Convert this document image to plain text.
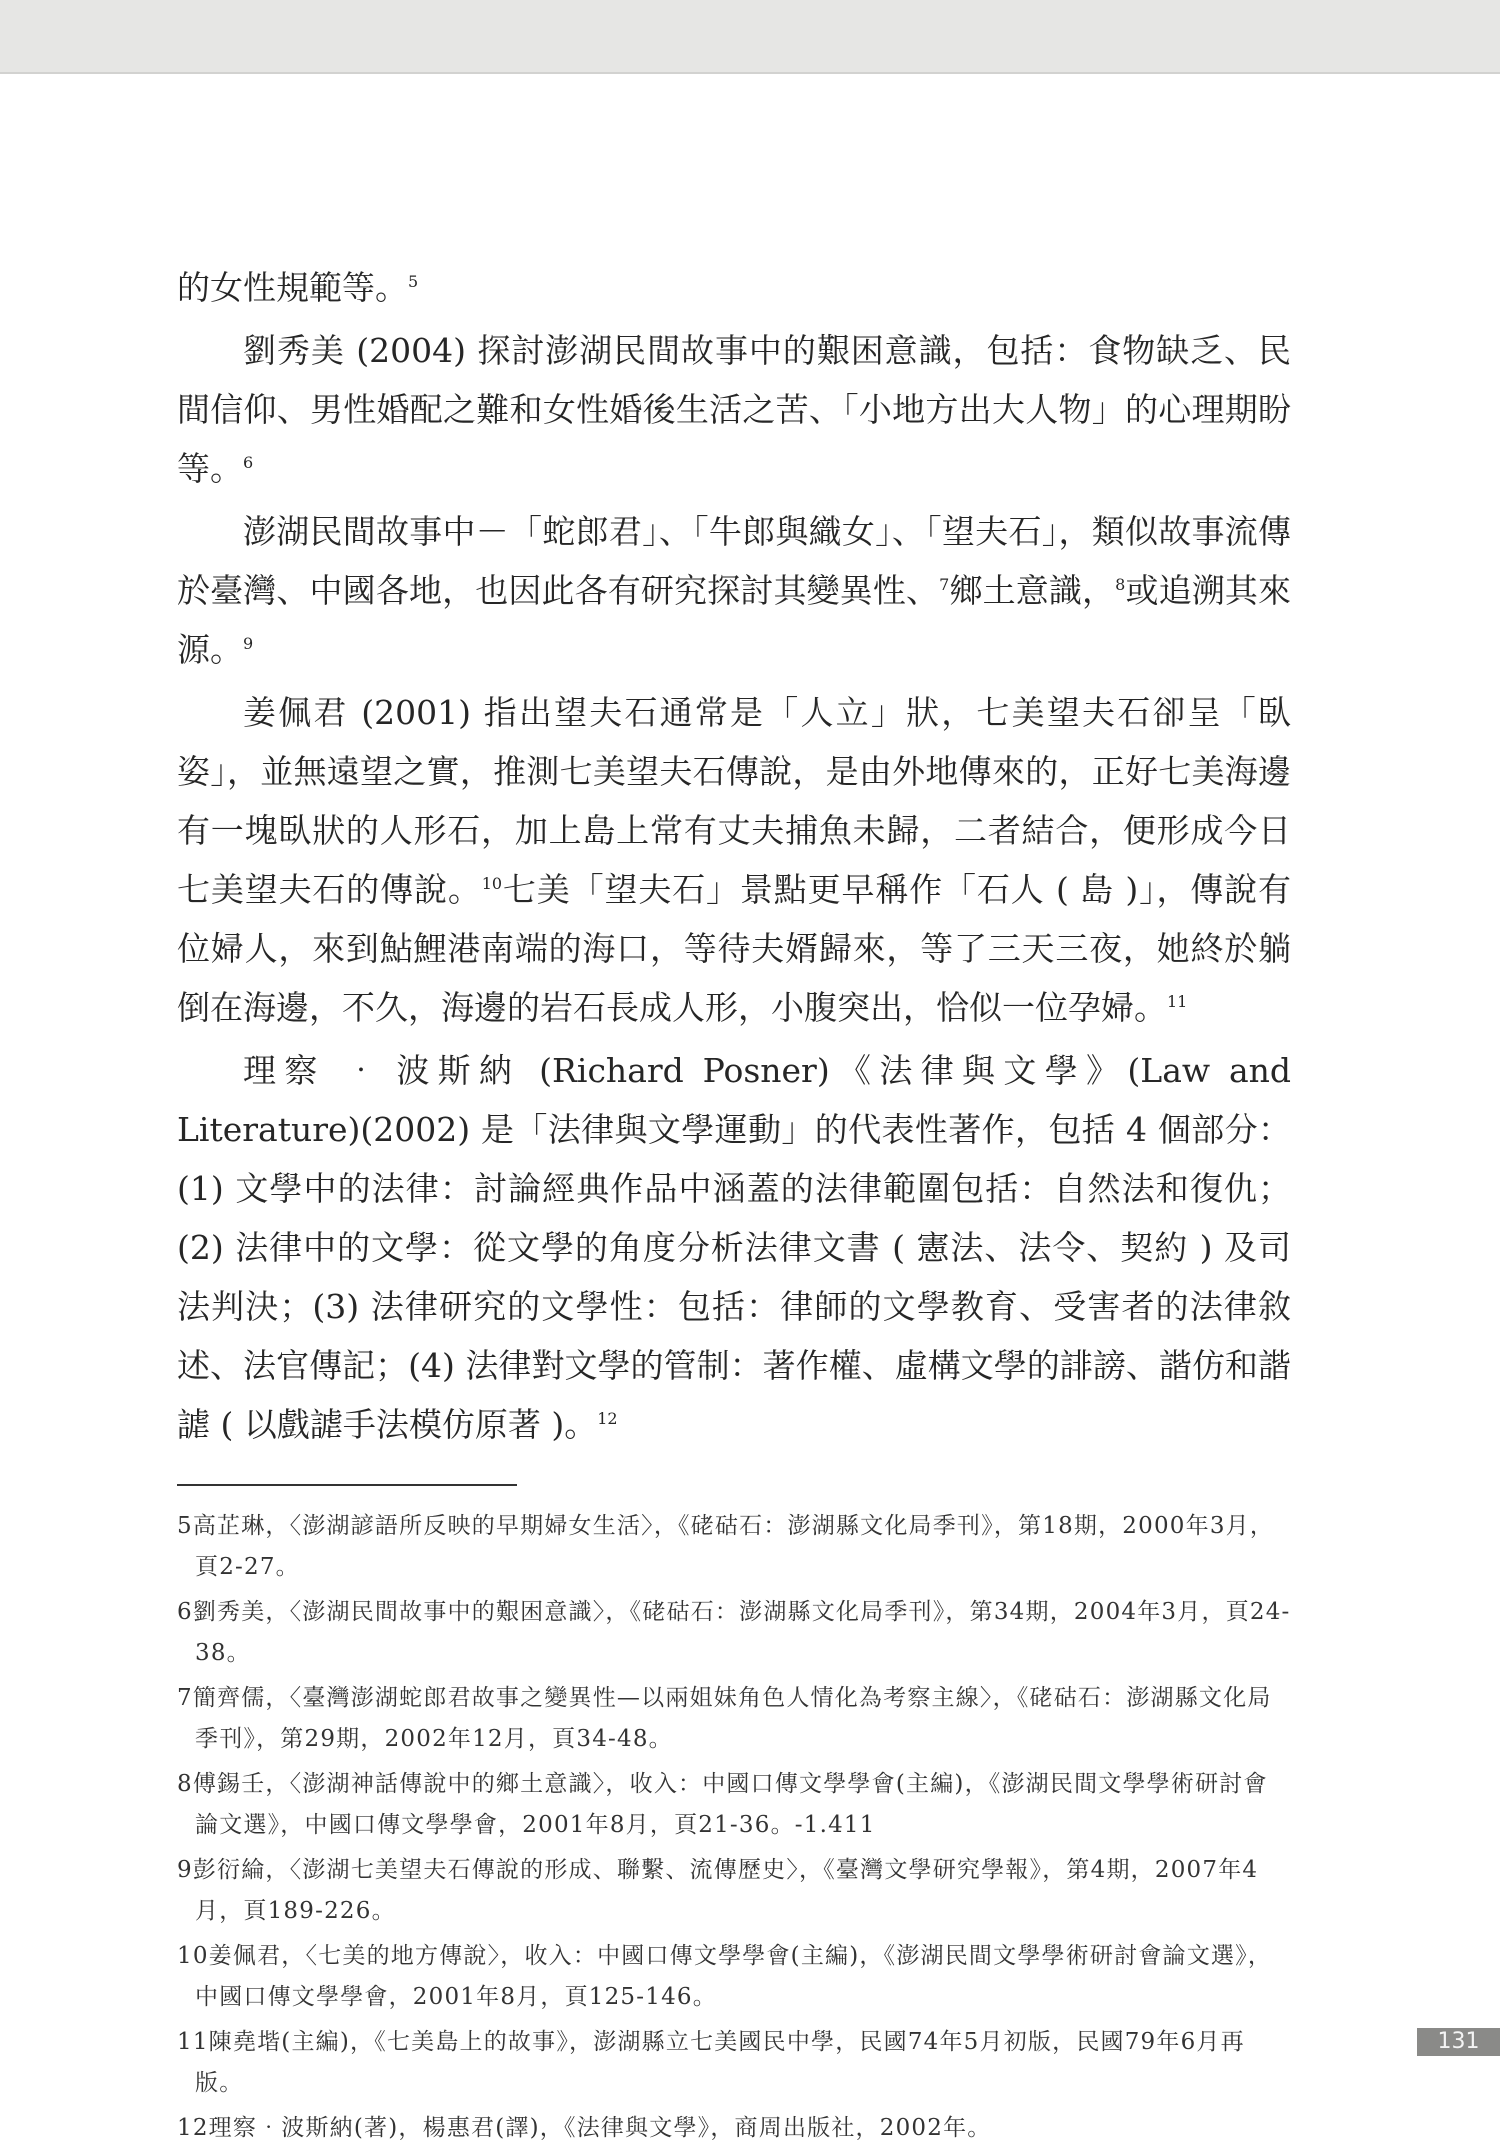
的女性規範等。$^5$

劉秀美 (2004) 探討澎湖民間故事中的艱困意識，包括：食物缺乏、民間信仰、男性婚配之難和女性婚後生活之苦、「小地方出大人物」的心理期盼等。$^6$

澎湖民間故事中－「蛇郎君」、「牛郎與織女」、「望夫石」，類似故事流傳於臺灣、中國各地，也因此各有研究探討其變異性、$^7$鄉土意識，$^8$或追溯其來源。$^9$

姜佩君 (2001) 指出望夫石通常是「人立」狀，七美望夫石卻呈「臥姿」，並無遠望之實，推測七美望夫石傳說，是由外地傳來的，正好七美海邊有一塊臥狀的人形石，加上島上常有丈夫捕魚未歸，二者結合，便形成今日七美望夫石的傳說。$^{10}$七美「望夫石」景點更早稱作「石人 ( 島 )」，傳說有位婦人，來到鮎鯉港南端的海口，等待夫婿歸來，等了三天三夜，她終於躺倒在海邊，不久，海邊的岩石長成人形，小腹突出，恰似一位孕婦。$^{11}$

理察 ‧ 波斯納 (Richard Posner)《法律與文學》(Law and Literature)(2002) 是「法律與文學運動」的代表性著作，包括 4 個部分：(1) 文學中的法律：討論經典作品中涵蓋的法律範圍包括：自然法和復仇；(2) 法律中的文學：從文學的角度分析法律文書 ( 憲法、法令、契約 ) 及司法判決；(3) 法律研究的文學性：包括：律師的文學教育、受害者的法律敘述、法官傳記；(4) 法律對文學的管制：著作權、虛構文學的誹謗、諧仿和諧謔 ( 以戲謔手法模仿原著 )。$^{12}$

5高芷琳，〈澎湖諺語所反映的早期婦女生活〉，《硓𥑮石：澎湖縣文化局季刊》，第18期，2000年3月，頁2-27。

6劉秀美，〈澎湖民間故事中的艱困意識〉，《硓𥑮石：澎湖縣文化局季刊》，第34期，2004年3月，頁24-38。

7簡齊儒，〈臺灣澎湖蛇郎君故事之變異性—以兩姐妹角色人情化為考察主線〉，《硓𥑮石：澎湖縣文化局季刊》，第29期，2002年12月，頁34-48。

8傅錫壬，〈澎湖神話傳說中的鄉土意識〉，收入：中國口傳文學學會(主編)，《澎湖民間文學學術研討會論文選》，中國口傳文學學會，2001年8月，頁21-36。-1.411

9彭衍綸，〈澎湖七美望夫石傳說的形成、聯繫、流傳歷史〉，《臺灣文學研究學報》，第4期，2007年4月，頁189-226。

10姜佩君，〈七美的地方傳說〉，收入：中國口傳文學學會(主編)，《澎湖民間文學學術研討會論文選》，中國口傳文學學會，2001年8月，頁125-146。

11陳堯堦(主編)，《七美島上的故事》，澎湖縣立七美國民中學，民國74年5月初版，民國79年6月再版。

12理察‧波斯納(著)，楊惠君(譯)，《法律與文學》，商周出版社，2002年。

131
